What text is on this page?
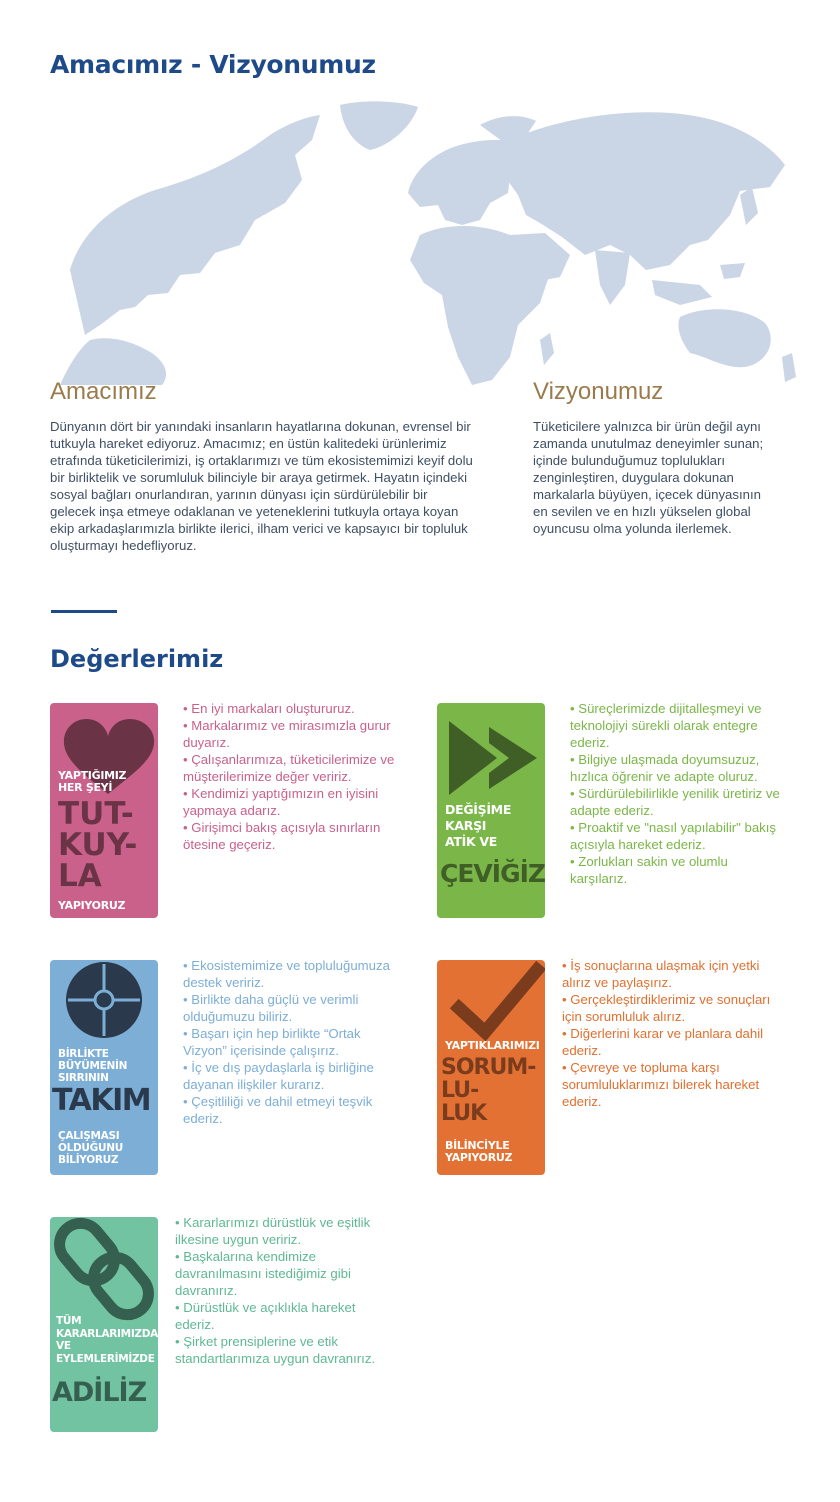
Amacımız - Vizyonumuz
Amacımız

Dünyanın dört bir yanındaki insanların hayatlarına dokunan, evrensel bir tutkuyla hareket ediyoruz. Amacımız; en üstün kalitedeki ürünlerimiz etrafında tüketicilerimizi, iş ortaklarımızı ve tüm ekosistemimizi keyif dolu bir birliktelik ve sorumluluk bilinciyle bir araya getirmek. Hayatın içindeki sosyal bağları onurlandıran, yarının dünyası için sürdürülebilir bir gelecek inşa etmeye odaklanan ve yeteneklerini tutkuyla ortaya koyan ekip arkadaşlarımızla birlikte ilerici, ilham verici ve kapsayıcı bir topluluk oluşturmayı hedefliyoruz.

Vizyonumuz

Tüketicilere yalnızca bir ürün değil aynı zamanda unutulmaz deneyimler sunan; içinde bulunduğumuz toplulukları zenginleştiren, duygulara dokunan markalarla büyüyen, içecek dünyasının en sevilen ve en hızlı yükselen global oyuncusu olma yolunda ilerlemek.

Değerlerimiz
YAPTIĞIMIZ
HER ŞEYİ
TUT-
KUY-
LA
YAPIYORUZ
• En iyi markaları oluştururuz.
• Markalarımız ve mirasımızla gurur duyarız.
• Çalışanlarımıza, tüketicilerimize ve müşterilerimize değer veririz.
• Kendimizi yaptığımızın en iyisini yapmaya adarız.
• Girişimci bakış açısıyla sınırların ötesine geçeriz.
DEĞİŞİME
KARŞI
ATİK VE
ÇEVİĞİZ
• Süreçlerimizde dijitalleşmeyi ve teknolojiyi sürekli olarak entegre ederiz.
• Bilgiye ulaşmada doyumsuzuz, hızlıca öğrenir ve adapte oluruz.
• Sürdürülebilirlikle yenilik üretiriz ve adapte ederiz.
• Proaktif ve "nasıl yapılabilir" bakış açısıyla hareket ederiz.
• Zorlukları sakin ve olumlu karşılarız.
BİRLİKTE
BÜYÜMENİN
SIRRININ
TAKIM
ÇALIŞMASI
OLDUĞUNU
BİLİYORUZ
• Ekosistemimize ve topluluğumuza destek veririz.
• Birlikte daha güçlü ve verimli olduğumuzu biliriz.
• Başarı için hep birlikte “Ortak Vizyon” içerisinde çalışırız.
• İç ve dış paydaşlarla iş birliğine dayanan ilişkiler kurarız.
• Çeşitliliği ve dahil etmeyi teşvik ederiz.
YAPTIKLARIMIZI
SORUM-
LU-
LUK
BİLİNCİYLE
YAPIYORUZ
• İş sonuçlarına ulaşmak için yetki alırız ve paylaşırız.
• Gerçekleştirdiklerimiz ve sonuçları için sorumluluk alırız.
• Diğerlerini karar ve planlara dahil ederiz.
• Çevreye ve topluma karşı sorumluluklarımızı bilerek hareket ederiz.
TÜM
KARARLARIMIZDA
VE
EYLEMLERİMİZDE
ADİLİZ
• Kararlarımızı dürüstlük ve eşitlik ilkesine uygun veririz.
• Başkalarına kendimize davranılmasını istediğimiz gibi davranırız.
• Dürüstlük ve açıklıkla hareket ederiz.
• Şirket prensiplerine ve etik standartlarımıza uygun davranırız.
